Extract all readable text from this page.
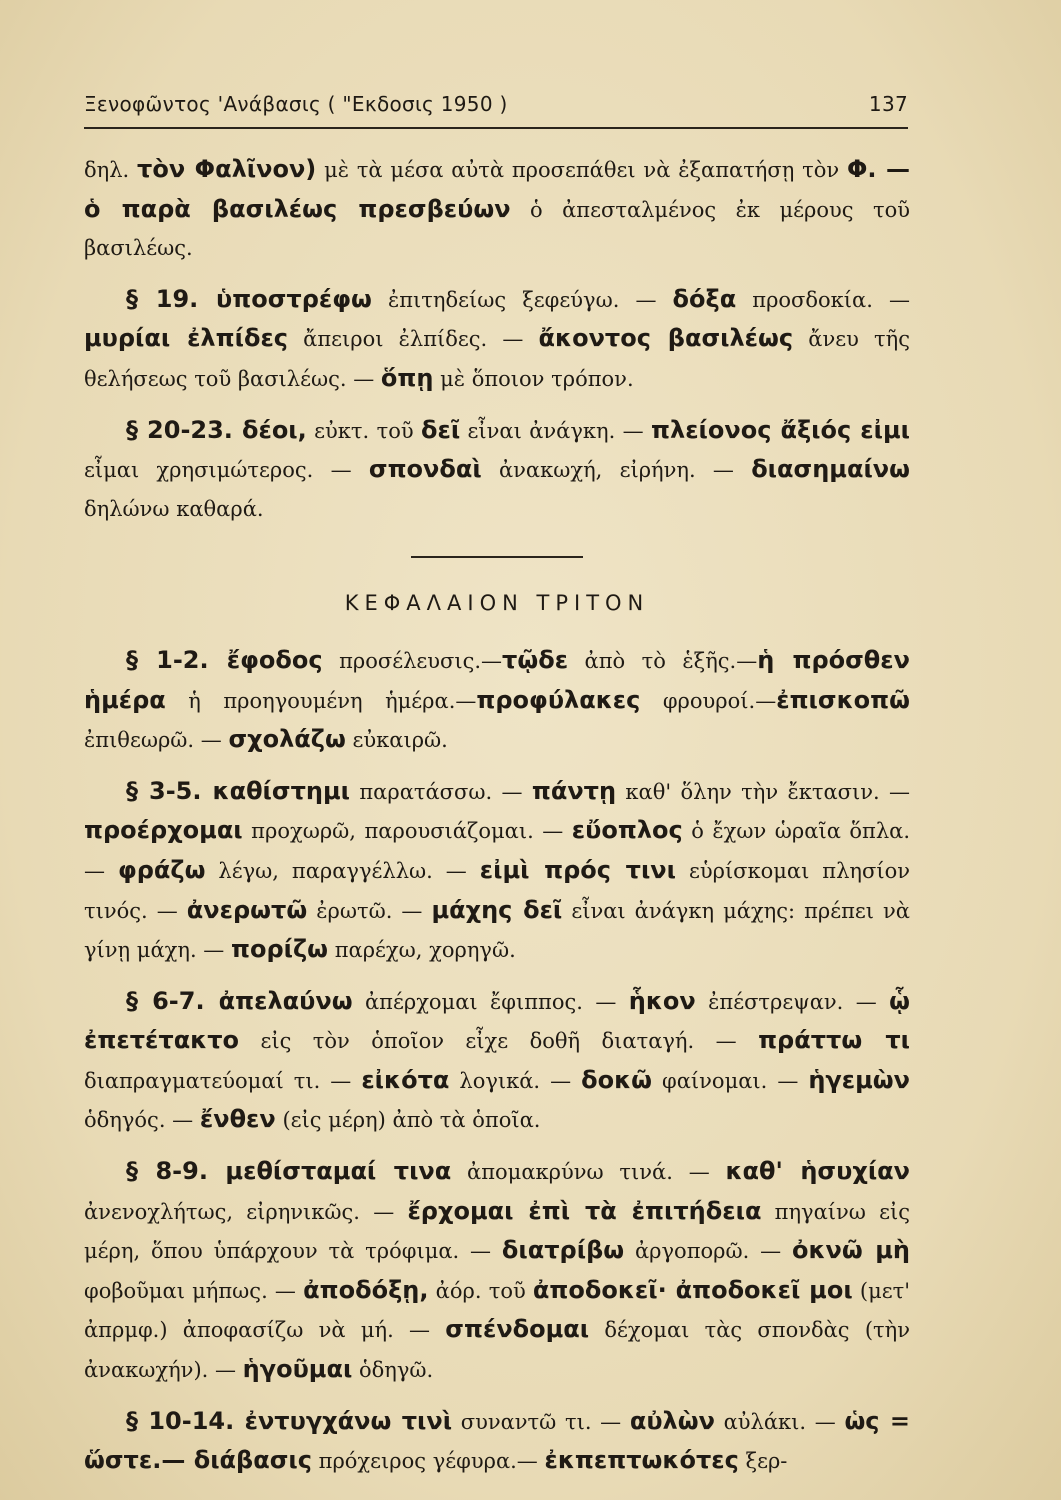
Ξενοφῶντος 'Ανάβασις ( "Εκδοσις 1950 )	137

δηλ. τὸν Φαλῖνον) μὲ τὰ μέσα αὐτὰ προσεπάθει νὰ ἐξαπατήσῃ τὸν Φ. — ὁ παρὰ βασιλέως πρεσβεύων ὁ ἀπεσταλμένος ἐκ μέρους τοῦ βασιλέως.

§ 19. ὑποστρέφω ἐπιτηδείως ξεφεύγω. — δόξα προσδοκία. — μυρίαι ἐλπίδες ἄπειροι ἐλπίδες. — ἄκοντος βασιλέως ἄνευ τῆς θελήσεως τοῦ βασιλέως. — ὅπῃ μὲ ὅποιον τρόπον.

§ 20-23. δέοι, εὐκτ. τοῦ δεῖ εἶναι ἀνάγκη. — πλείονος ἄξιός εἰμι εἶμαι χρησιμώτερος. — σπονδαὶ ἀνακωχή, εἰρήνη. — διασημαίνω δηλώνω καθαρά.

ΚΕΦΑΛΑΙΟΝ ΤΡΙΤΟΝ

§ 1-2. ἔφοδος προσέλευσις.—τῷδε ἀπὸ τὸ ἑξῆς.—ἡ πρόσθεν ἡμέρα ἡ προηγουμένη ἡμέρα.—προφύλακες φρουροί.—ἐπισκοπῶ ἐπιθεωρῶ. — σχολάζω εὐκαιρῶ.

§ 3-5. καθίστημι παρατάσσω. — πάντῃ καθ' ὅλην τὴν ἔκτασιν. — προέρχομαι προχωρῶ, παρουσιάζομαι. — εὔοπλος ὁ ἔχων ὡραῖα ὅπλα. — φράζω λέγω, παραγγέλλω. — εἰμὶ πρός τινι εὑρίσκομαι πλησίον τινός. — ἀνερωτῶ ἐρωτῶ. — μάχης δεῖ εἶναι ἀνάγκη μάχης: πρέπει νὰ γίνῃ μάχη. — πορίζω παρέχω, χορηγῶ.

§ 6-7. ἀπελαύνω ἀπέρχομαι ἔφιππος. — ἧκον ἐπέστρεψαν. — ᾧ ἐπετέτακτο εἰς τὸν ὁποῖον εἶχε δοθῆ διαταγή. — πράττω τι διαπραγματεύομαί τι. — εἰκότα λογικά. — δοκῶ φαίνομαι. — ἡγεμὼν ὁδηγός. — ἔνθεν (εἰς μέρη) ἀπὸ τὰ ὁποῖα.

§ 8-9. μεθίσταμαί τινα ἀπομακρύνω τινά. — καθ' ἡσυχίαν ἀνενοχλήτως, εἰρηνικῶς. — ἔρχομαι ἐπὶ τὰ ἐπιτήδεια πηγαίνω εἰς μέρη, ὅπου ὑπάρχουν τὰ τρόφιμα. — διατρίβω ἀργοπορῶ. — ὀκνῶ μὴ φοβοῦμαι μήπως. — ἀποδόξῃ, ἀόρ. τοῦ ἀποδοκεῖ· ἀποδοκεῖ μοι (μετ' ἀπρμφ.) ἀποφασίζω νὰ μή. — σπένδομαι δέχομαι τὰς σπονδὰς (τὴν ἀνακωχήν). — ἡγοῦμαι ὁδηγῶ.

§ 10-14. ἐντυγχάνω τινὶ συναντῶ τι. — αὐλὼν αὐλάκι. — ὡς = ὥστε.— διάβασις πρόχειρος γέφυρα.— ἐκπεπτωκότες ξερ-
